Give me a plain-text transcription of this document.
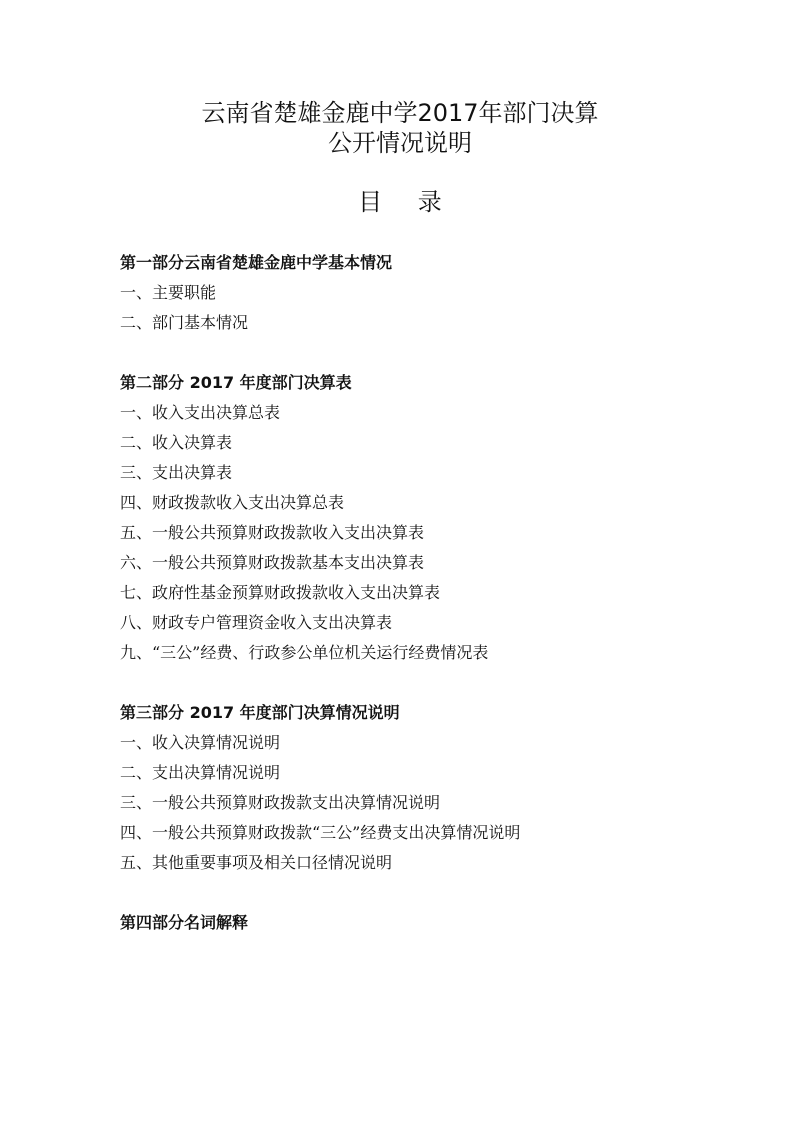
云南省楚雄金鹿中学2017年部门决算
公开情况说明
目 录
第一部分云南省楚雄金鹿中学基本情况
一、主要职能
二、部门基本情况
第二部分 2017 年度部门决算表
一、收入支出决算总表
二、收入决算表
三、支出决算表
四、财政拨款收入支出决算总表
五、一般公共预算财政拨款收入支出决算表
六、一般公共预算财政拨款基本支出决算表
七、政府性基金预算财政拨款收入支出决算表
八、财政专户管理资金收入支出决算表
九、“三公”经费、行政参公单位机关运行经费情况表
第三部分 2017 年度部门决算情况说明
一、收入决算情况说明
二、支出决算情况说明
三、一般公共预算财政拨款支出决算情况说明
四、一般公共预算财政拨款“三公”经费支出决算情况说明
五、其他重要事项及相关口径情况说明
第四部分名词解释
